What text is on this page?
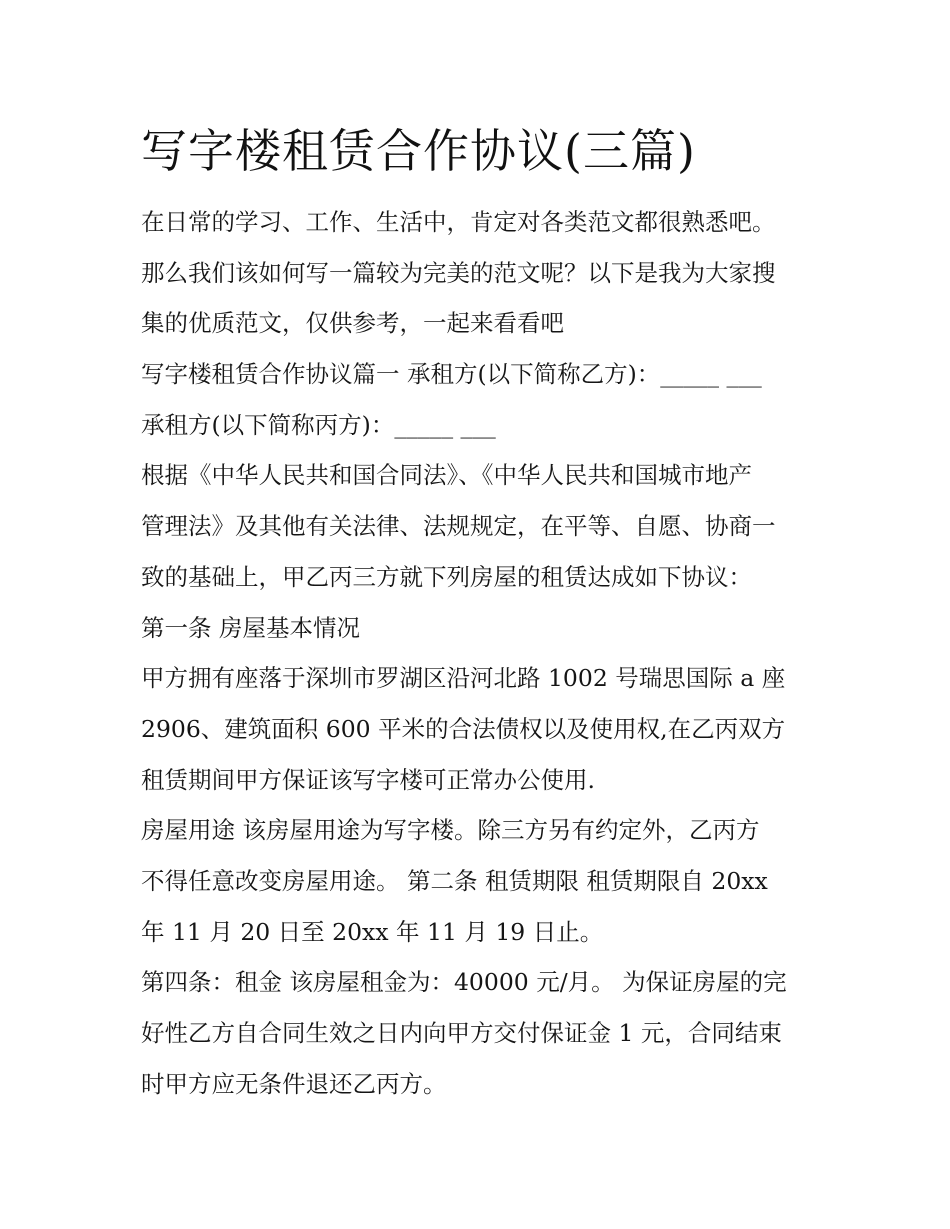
写字楼租赁合作协议(三篇)
在日常的学习、工作、生活中，肯定对各类范文都很熟悉吧。
那么我们该如何写一篇较为完美的范文呢？以下是我为大家搜
集的优质范文，仅供参考，一起来看看吧
写字楼租赁合作协议篇一 承租方(以下简称乙方)：_____ ___
承租方(以下简称丙方)：_____ ___
根据《中华人民共和国合同法》、《中华人民共和国城市地产
管理法》及其他有关法律、法规规定，在平等、自愿、协商一
致的基础上，甲乙丙三方就下列房屋的租赁达成如下协议：
第一条 房屋基本情况
甲方拥有座落于深圳市罗湖区沿河北路 1002 号瑞思国际 a 座
2906、建筑面积 600 平米的合法债权以及使用权,在乙丙双方
租赁期间甲方保证该写字楼可正常办公使用.
房屋用途 该房屋用途为写字楼。除三方另有约定外，乙丙方
不得任意改变房屋用途。 第二条 租赁期限 租赁期限自 20xx
年 11 月 20 日至 20xx 年 11 月 19 日止。
第四条：租金 该房屋租金为：40000 元/月。 为保证房屋的完
好性乙方自合同生效之日内向甲方交付保证金 1 元，合同结束
时甲方应无条件退还乙丙方。
